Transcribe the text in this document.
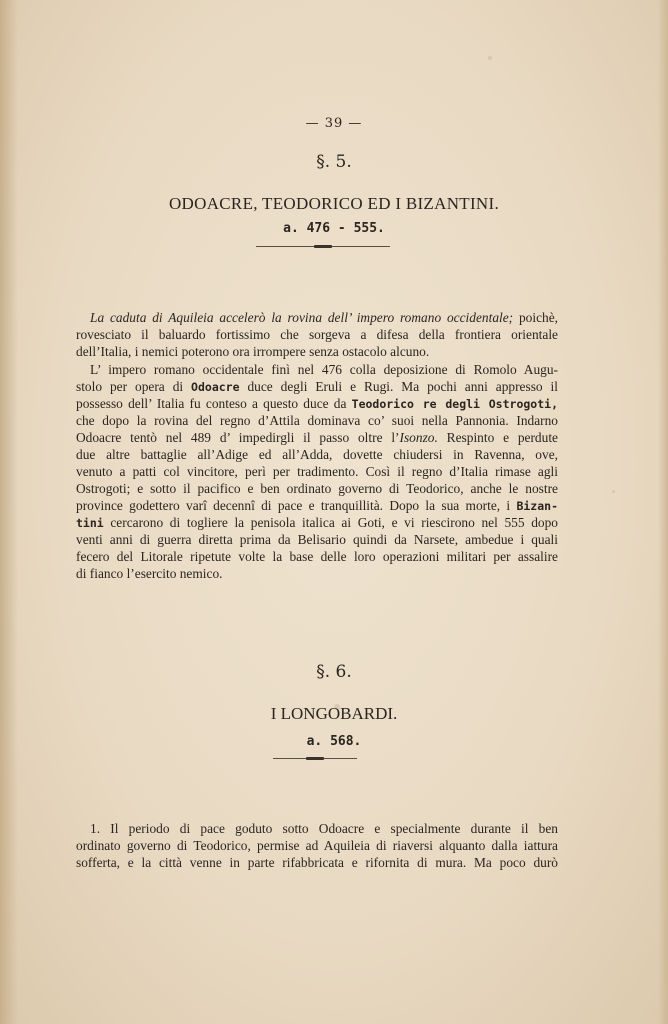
— 39 —
§. 5.
ODOACRE, TEODORICO ED I BIZANTINI.
a. 476 - 555.
La caduta di Aquileia accelerò la rovina dell’ impero romano occidentale; poichè,
rovesciato il baluardo fortissimo che sorgeva a difesa della frontiera orientale
dell’Italia, i nemici poterono ora irrompere senza ostacolo alcuno.
L’ impero romano occidentale finì nel 476 colla deposizione di Romolo Augu-
stolo per opera di Odoacre duce degli Eruli e Rugi. Ma pochi anni appresso il
possesso dell’ Italia fu conteso a questo duce da Teodorico re degli Ostrogoti,
che dopo la rovina del regno d’Attila dominava co’ suoi nella Pannonia. Indarno
Odoacre tentò nel 489 d’ impedirgli il passo oltre l’Isonzo. Respinto e perdute
due altre battaglie all’Adige ed all’Adda, dovette chiudersi in Ravenna, ove,
venuto a patti col vincitore, perì per tradimento. Così il regno d’Italia rimase agli
Ostrogoti; e sotto il pacifico e ben ordinato governo di Teodorico, anche le nostre
province godettero varî decennî di pace e tranquillità. Dopo la sua morte, i Bizan-
tini cercarono di togliere la penisola italica ai Goti, e vi riescirono nel 555 dopo
venti anni di guerra diretta prima da Belisario quindi da Narsete, ambedue i quali
fecero del Litorale ripetute volte la base delle loro operazioni militari per assalire
di fianco l’esercito nemico.
§. 6.
I LONGOBARDI.
a. 568.
1. Il periodo di pace goduto sotto Odoacre e specialmente durante il ben
ordinato governo di Teodorico, permise ad Aquileia di riaversi alquanto dalla iattura
sofferta, e la città venne in parte rifabbricata e rifornita di mura. Ma poco durò
